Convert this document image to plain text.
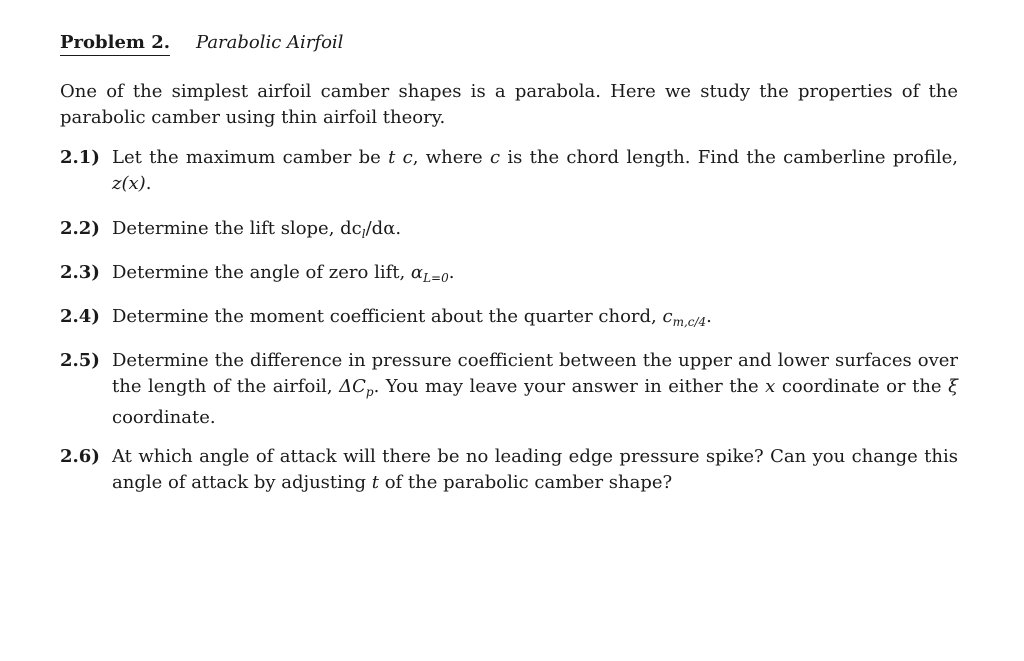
Problem 2. Parabolic Airfoil
One of the simplest airfoil camber shapes is a parabola. Here we study the properties of the parabolic camber using thin airfoil theory.
2.1) Let the maximum camber be t c, where c is the chord length. Find the camberline profile, z(x).
2.2) Determine the lift slope, $dc_l/d\alpha$.
2.3) Determine the angle of zero lift, $\alpha_{L=0}$.
2.4) Determine the moment coefficient about the quarter chord, $c_{m,c/4}$.
2.5) Determine the difference in pressure coefficient between the upper and lower surfaces over the length of the airfoil, $\Delta C_p$. You may leave your answer in either the x coordinate or the ξ coordinate.
2.6) At which angle of attack will there be no leading edge pressure spike? Can you change this angle of attack by adjusting t of the parabolic camber shape?
